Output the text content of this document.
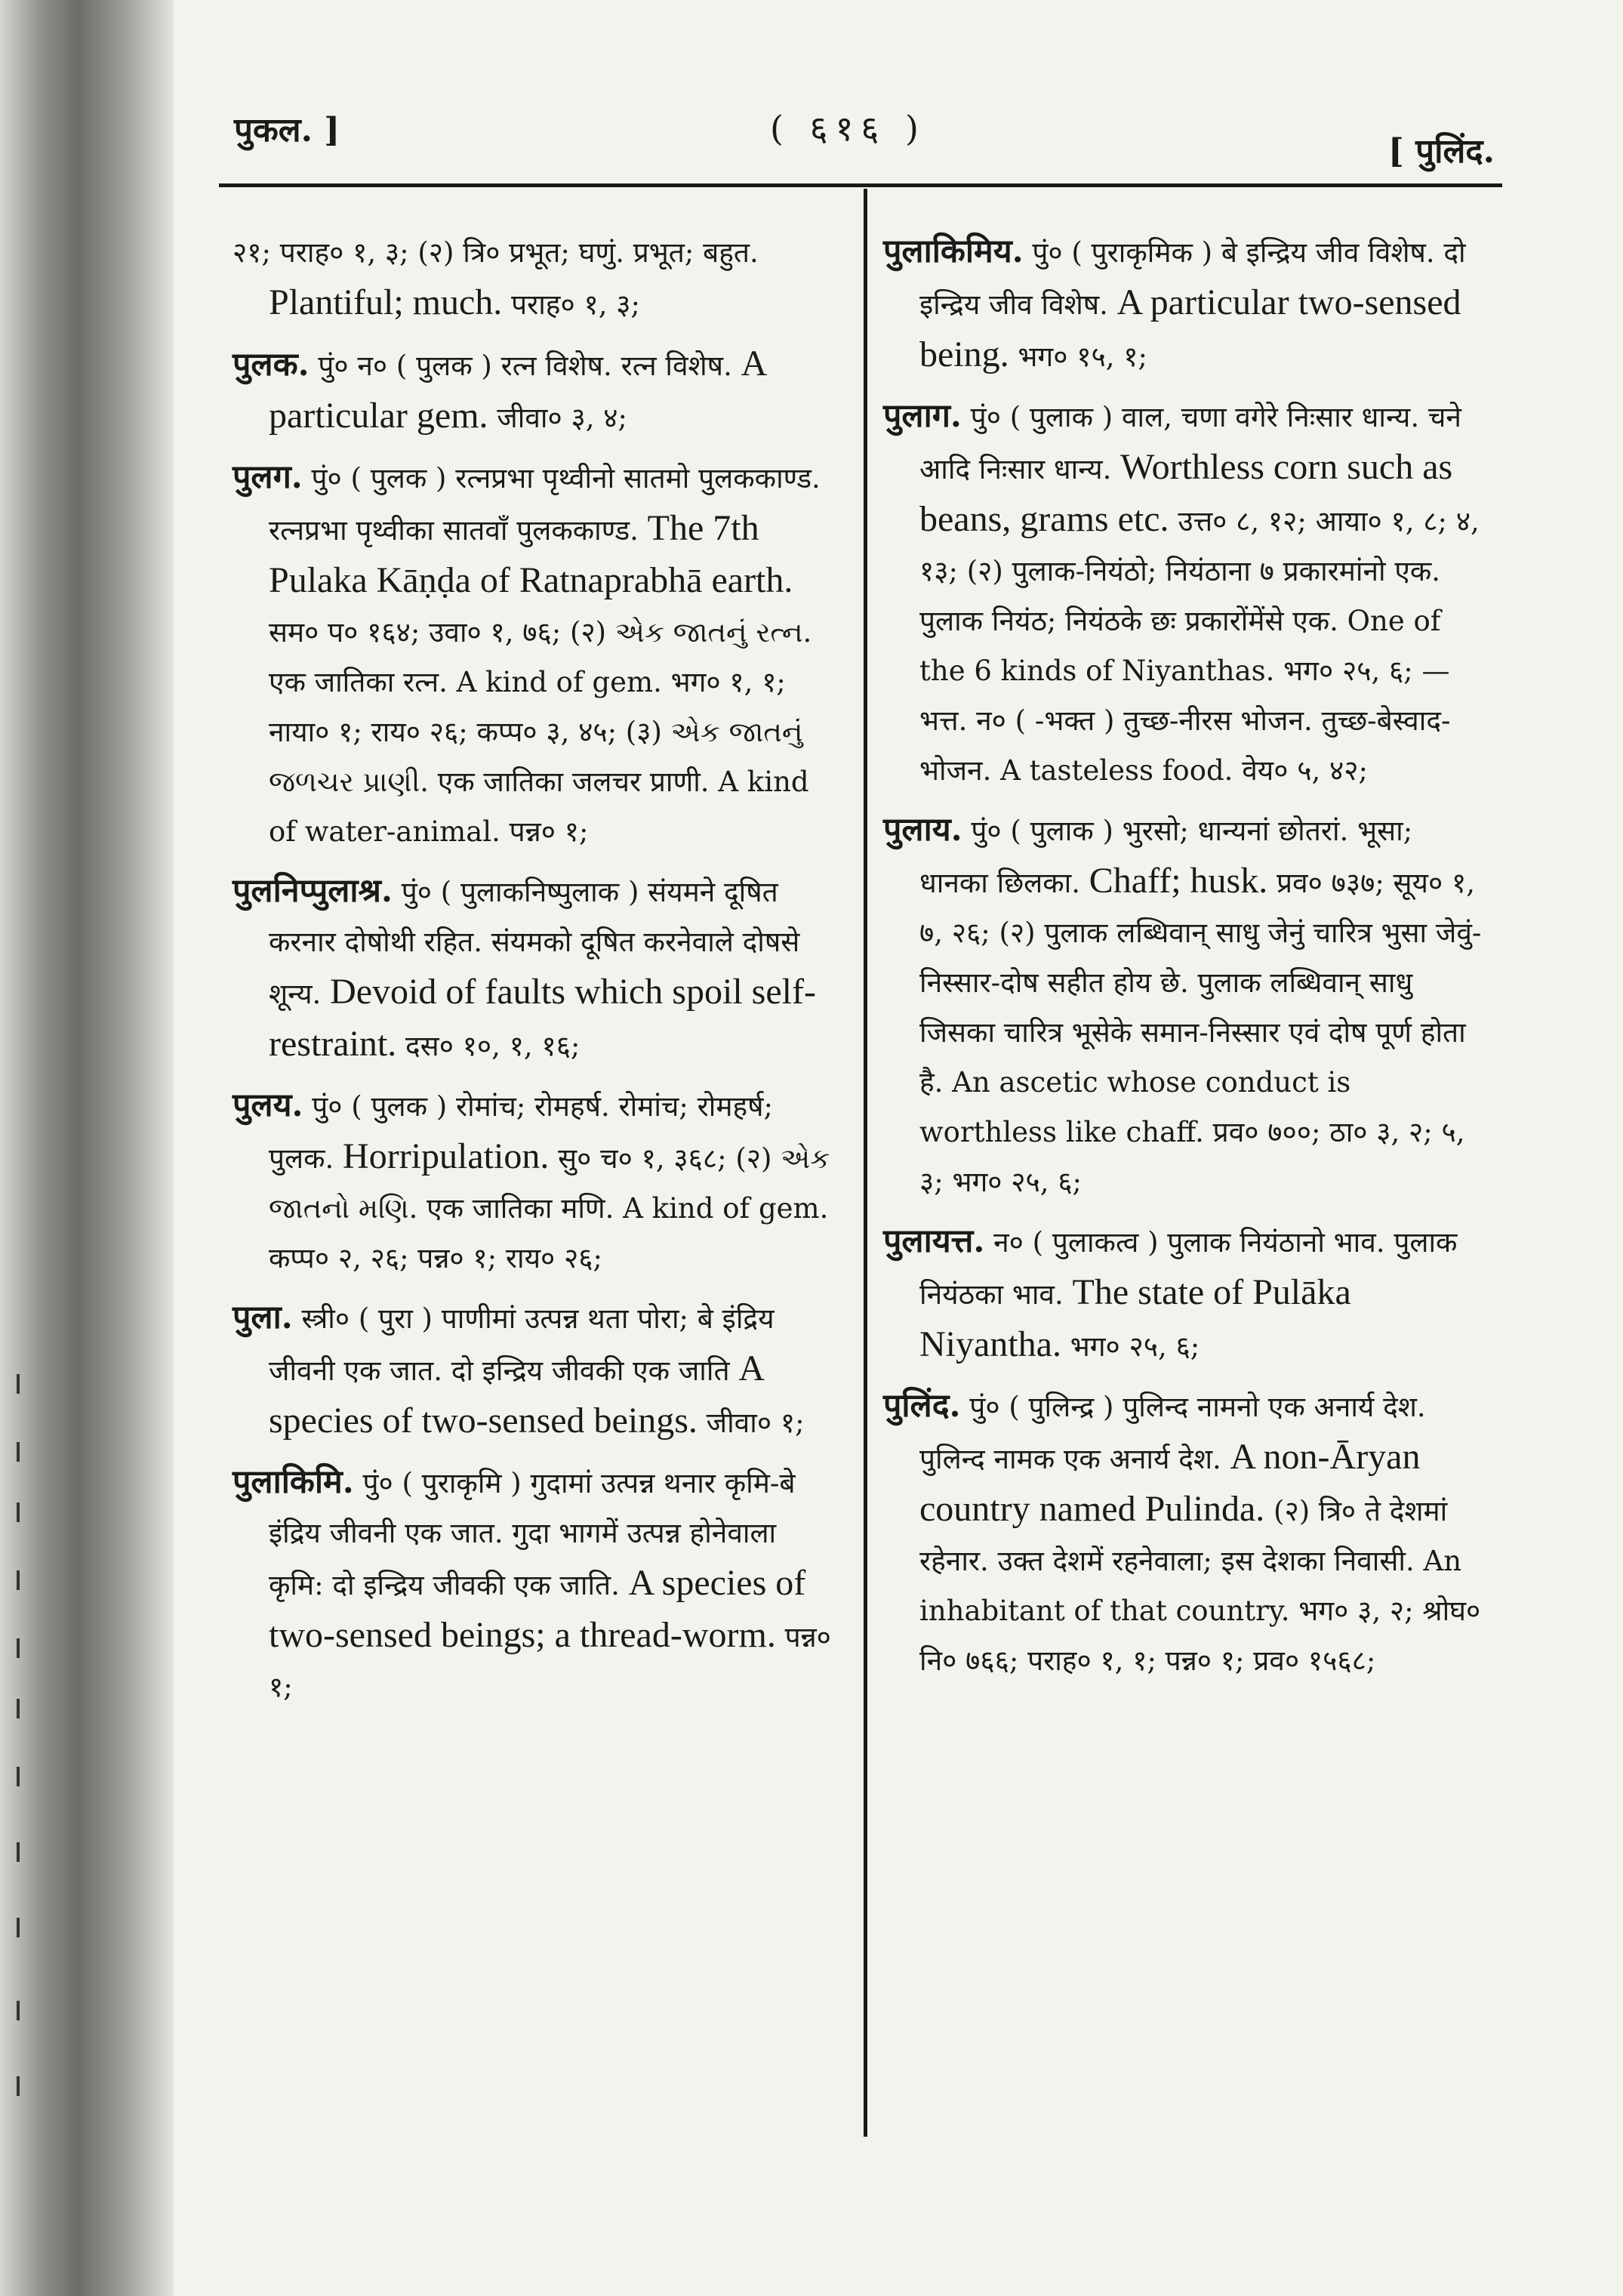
पुकल. ]	( ६१६ )
[ पुलिंद.
२१; पराह० १, ३; (२) त्रि० प्रभूत; घणुं. प्रभूत; बहुत. Plantiful; much. पराह० १, ३;
पुलक. पुं० न० ( पुलक ) रत्न विशेष. रत्न विशेष. A particular gem. जीवा० ३, ४;
पुलग. पुं० ( पुलक ) रत्नप्रभा पृथ्वीनो सातमो पुलककाण्ड. रत्नप्रभा पृथ्वीका सातवाँ पुलककाण्ड. The 7th Pulaka Kāṇḍa of Ratnaprabhā earth. सम० प० १६४; उवा० १, ७६; (२) એક જાતનું રત્ન. एक जातिका रत्न. A kind of gem. भग० १, १; नाया० १; राय० २६; कप्प० ३, ४५; (३) એક જાતનું જળચર પ્રાણી. एक जातिका जलचर प्राणी. A kind of water-animal. पन्न० १;
पुलनिप्पुलाश्र. पुं० ( पुलाकनिष्पुलाक ) संयमने दूषित करनार दोषोथी रहित. संयमको दूषित करनेवाले दोषसे शून्य. Devoid of faults which spoil self-restraint. दस० १०, १, १६;
पुलय. पुं० ( पुलक ) रोमांच; रोमहर्ष. रोमांच; रोमहर्ष; पुलक. Horripulation. सु० च० १, ३६८; (२) એક જાતનો મણિ. एक जातिका मणि. A kind of gem. कप्प० २, २६; पन्न० १; राय० २६;
पुला. स्त्री० ( पुरा ) पाणीमां उत्पन्न थता पोरा; बे इंद्रिय जीवनी एक जात. दो इन्द्रिय जीवकी एक जाति A species of two-sensed beings. जीवा० १;
पुलाकिमि. पुं० ( पुराकृमि ) गुदामां उत्पन्न थनार कृमि-बे इंद्रिय जीवनी एक जात. गुदा भागमें उत्पन्न होनेवाला कृमि: दो इन्द्रिय जीवकी एक जाति. A species of two-sensed beings; a thread-worm. पन्न० १;
पुलाकिमिय. पुं० ( पुराकृमिक ) बे इन्द्रिय जीव विशेष. दो इन्द्रिय जीव विशेष. A particular two-sensed being. भग० १५, १;
पुलाग. पुं० ( पुलाक ) वाल, चणा वगेरे निःसार धान्य. चने आदि निःसार धान्य. Worthless corn such as beans, grams etc. उत्त० ८, १२; आया० १, ८; ४, १३; (२) पुलाक-नियंठो; नियंठाना ७ प्रकारमांनो एक. पुलाक नियंठ; नियंठके छः प्रकारोंमेंसे एक. One of the 6 kinds of Niyanthas. भग० २५, ६; —भत्त. न० ( -भक्त ) तुच्छ-नीरस भोजन. तुच्छ-बेस्वाद-भोजन. A tasteless food. वेय० ५, ४२;
पुलाय. पुं० ( पुलाक ) भुरसो; धान्यनां छोतरां. भूसा; धानका छिलका. Chaff; husk. प्रव० ७३७; सूय० १, ७, २६; (२) पुलाक लब्धिवान् साधु जेनुं चारित्र भुसा जेवुं-निस्सार-दोष सहीत होय छे. पुलाक लब्धिवान् साधु जिसका चारित्र भूसेके समान-निस्सार एवं दोष पूर्ण होता है. An ascetic whose conduct is worthless like chaff. प्रव० ७००; ठा० ३, २; ५, ३; भग० २५, ६;
पुलायत्त. न० ( पुलाकत्व ) पुलाक नियंठानो भाव. पुलाक नियंठका भाव. The state of Pulāka Niyantha. भग० २५, ६;
पुलिंद. पुं० ( पुलिन्द्र ) पुलिन्द नामनो एक अनार्य देश. पुलिन्द नामक एक अनार्य देश. A non-Āryan country named Pulinda. (२) त्रि० ते देशमां रहेनार. उक्त देशमें रहनेवाला; इस देशका निवासी. An inhabitant of that country. भग० ३, २; श्रोघ० नि० ७६६; पराह० १, १; पन्न० १; प्रव० १५६८;
